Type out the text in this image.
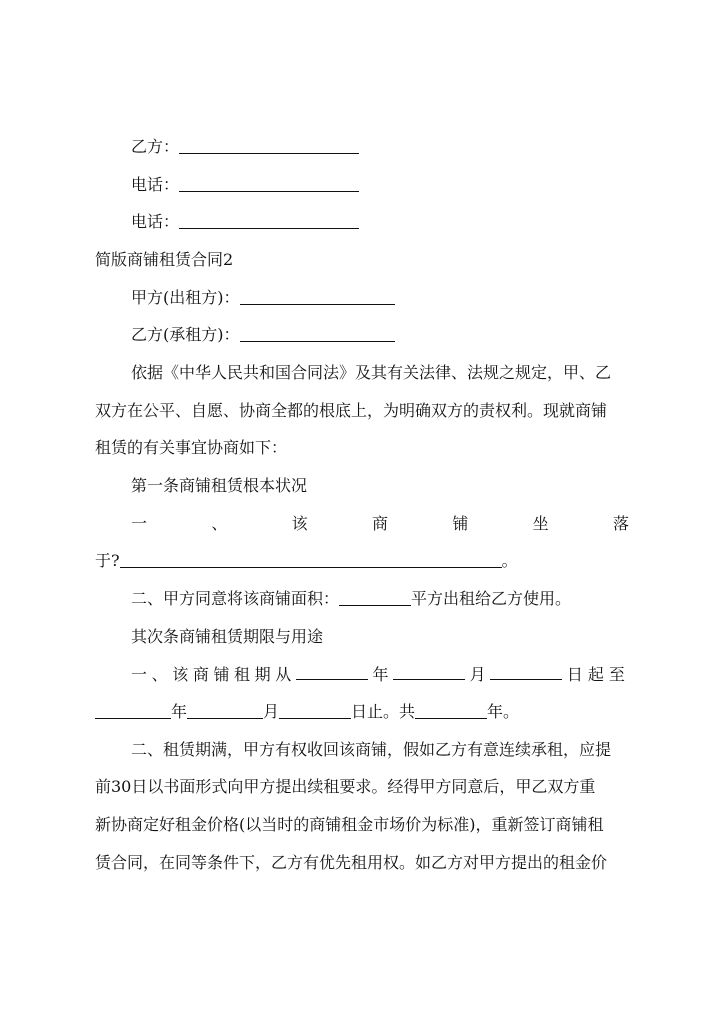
乙方：
电话：
电话：
简版商铺租赁合同2
甲方(出租方)：
乙方(承租方)：
依据《中华人民共和国合同法》及其有关法律、法规之规定，甲、乙
双方在公平、自愿、协商全都的根底上，为明确双方的责权利。现就商铺
租赁的有关事宜协商如下：
第一条商铺租赁根本状况
一	、	该	商	铺	坐	落
于?	。
二、甲方同意将该商铺面积：	平方出租给乙方使用。
其次条商铺租赁期限与用途
一 、 该 商 铺 租 期 从	年	月	日起至
年	月	日止。共	年。
二、租赁期满，甲方有权收回该商铺，假如乙方有意连续承租，应提
前30日以书面形式向甲方提出续租要求。经得甲方同意后，甲乙双方重
新协商定好租金价格(以当时的商铺租金市场价为标准)，重新签订商铺租
赁合同，在同等条件下，乙方有优先租用权。如乙方对甲方提出的租金价
